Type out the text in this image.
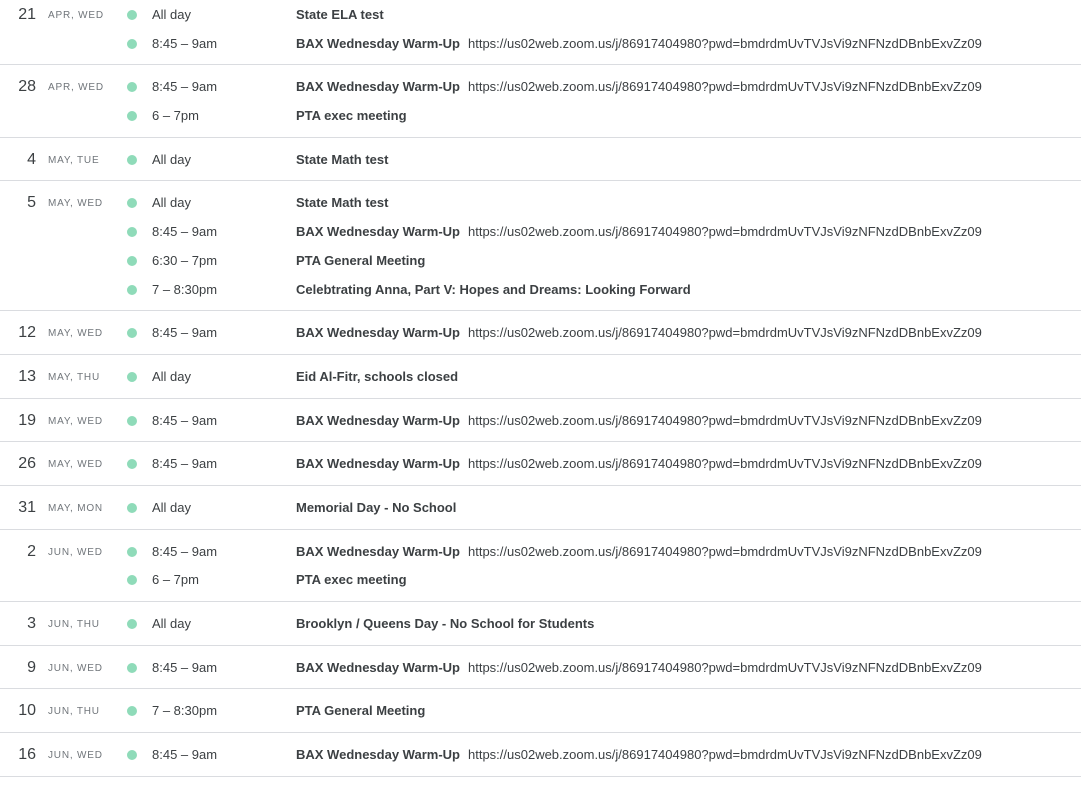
21 APR, WED	All day	State ELA test
8:45 – 9am	BAX Wednesday Warm-Up https://us02web.zoom.us/j/86917404980?pwd=bmdrdmUvTVJsVi9zNFNzdDBnbExvZz09
28 APR, WED	8:45 – 9am	BAX Wednesday Warm-Up https://us02web.zoom.us/j/86917404980?pwd=bmdrdmUvTVJsVi9zNFNzdDBnbExvZz09
6 – 7pm	PTA exec meeting
4 MAY, TUE	All day	State Math test
5 MAY, WED	All day	State Math test
8:45 – 9am	BAX Wednesday Warm-Up https://us02web.zoom.us/j/86917404980?pwd=bmdrdmUvTVJsVi9zNFNzdDBnbExvZz09
6:30 – 7pm	PTA General Meeting
7 – 8:30pm	Celebtrating Anna, Part V: Hopes and Dreams: Looking Forward
12 MAY, WED	8:45 – 9am	BAX Wednesday Warm-Up https://us02web.zoom.us/j/86917404980?pwd=bmdrdmUvTVJsVi9zNFNzdDBnbExvZz09
13 MAY, THU	All day	Eid Al-Fitr, schools closed
19 MAY, WED	8:45 – 9am	BAX Wednesday Warm-Up https://us02web.zoom.us/j/86917404980?pwd=bmdrdmUvTVJsVi9zNFNzdDBnbExvZz09
26 MAY, WED	8:45 – 9am	BAX Wednesday Warm-Up https://us02web.zoom.us/j/86917404980?pwd=bmdrdmUvTVJsVi9zNFNzdDBnbExvZz09
31 MAY, MON	All day	Memorial Day - No School
2 JUN, WED	8:45 – 9am	BAX Wednesday Warm-Up https://us02web.zoom.us/j/86917404980?pwd=bmdrdmUvTVJsVi9zNFNzdDBnbExvZz09
6 – 7pm	PTA exec meeting
3 JUN, THU	All day	Brooklyn / Queens Day - No School for Students
9 JUN, WED	8:45 – 9am	BAX Wednesday Warm-Up https://us02web.zoom.us/j/86917404980?pwd=bmdrdmUvTVJsVi9zNFNzdDBnbExvZz09
10 JUN, THU	7 – 8:30pm	PTA General Meeting
16 JUN, WED	8:45 – 9am	BAX Wednesday Warm-Up https://us02web.zoom.us/j/86917404980?pwd=bmdrdmUvTVJsVi9zNFNzdDBnbExvZz09
